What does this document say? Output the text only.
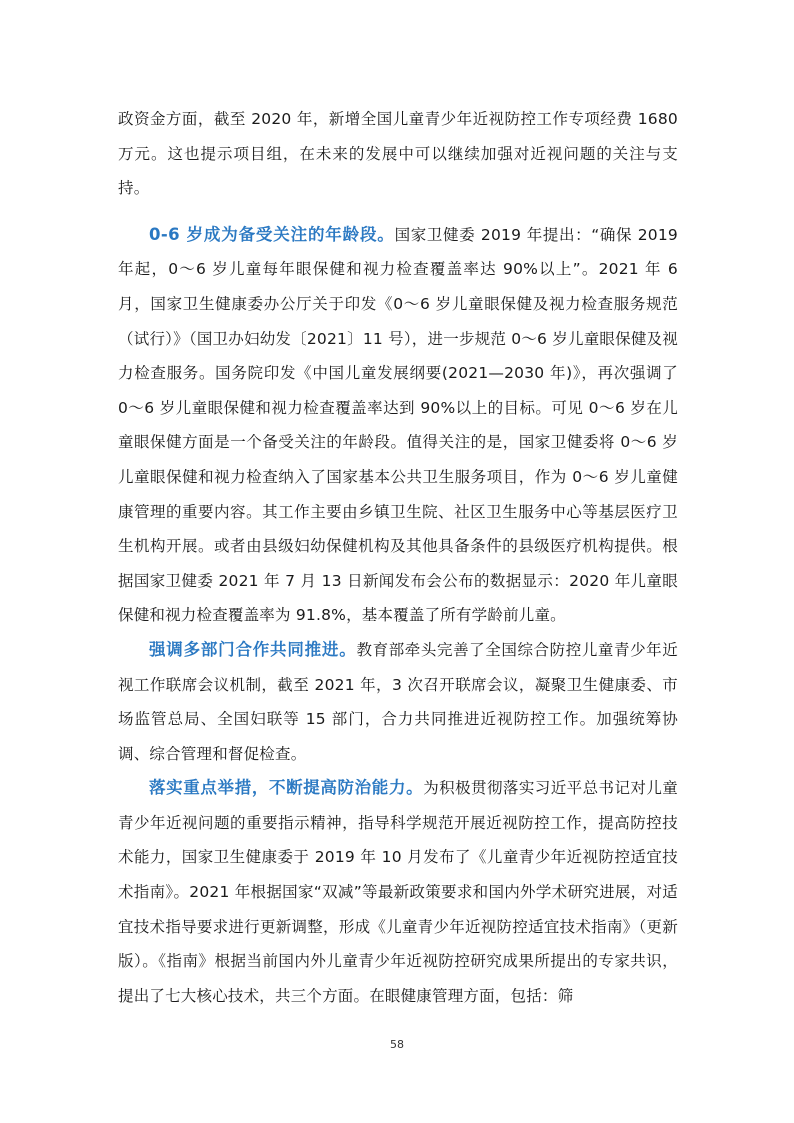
政资金方面，截至 2020 年，新增全国儿童青少年近视防控工作专项经费 1680 万元。这也提示项目组，在未来的发展中可以继续加强对近视问题的关注与支持。

0-6 岁成为备受关注的年龄段。国家卫健委 2019 年提出：“确保 2019 年起，0～6 岁儿童每年眼保健和视力检查覆盖率达 90%以上”。2021 年 6 月，国家卫生健康委办公厅关于印发《0～6 岁儿童眼保健及视力检查服务规范（试行）》（国卫办妇幼发〔2021〕11 号），进一步规范 0～6 岁儿童眼保健及视力检查服务。国务院印发《中国儿童发展纲要(2021—2030 年)》，再次强调了 0～6 岁儿童眼保健和视力检查覆盖率达到 90%以上的目标。可见 0～6 岁在儿童眼保健方面是一个备受关注的年龄段。值得关注的是，国家卫健委将 0～6 岁儿童眼保健和视力检查纳入了国家基本公共卫生服务项目，作为 0～6 岁儿童健康管理的重要内容。其工作主要由乡镇卫生院、社区卫生服务中心等基层医疗卫生机构开展。或者由县级妇幼保健机构及其他具备条件的县级医疗机构提供。根据国家卫健委 2021 年 7 月 13 日新闻发布会公布的数据显示：2020 年儿童眼保健和视力检查覆盖率为 91.8%，基本覆盖了所有学龄前儿童。

强调多部门合作共同推进。教育部牵头完善了全国综合防控儿童青少年近视工作联席会议机制，截至 2021 年，3 次召开联席会议，凝聚卫生健康委、市场监管总局、全国妇联等 15 部门，合力共同推进近视防控工作。加强统筹协调、综合管理和督促检查。

落实重点举措，不断提高防治能力。为积极贯彻落实习近平总书记对儿童青少年近视问题的重要指示精神，指导科学规范开展近视防控工作，提高防控技术能力，国家卫生健康委于 2019 年 10 月发布了《儿童青少年近视防控适宜技术指南》。2021 年根据国家“双减”等最新政策要求和国内外学术研究进展，对适宜技术指导要求进行更新调整，形成《儿童青少年近视防控适宜技术指南》（更新版）。《指南》根据当前国内外儿童青少年近视防控研究成果所提出的专家共识，提出了七大核心技术，共三个方面。在眼健康管理方面，包括：筛

58
